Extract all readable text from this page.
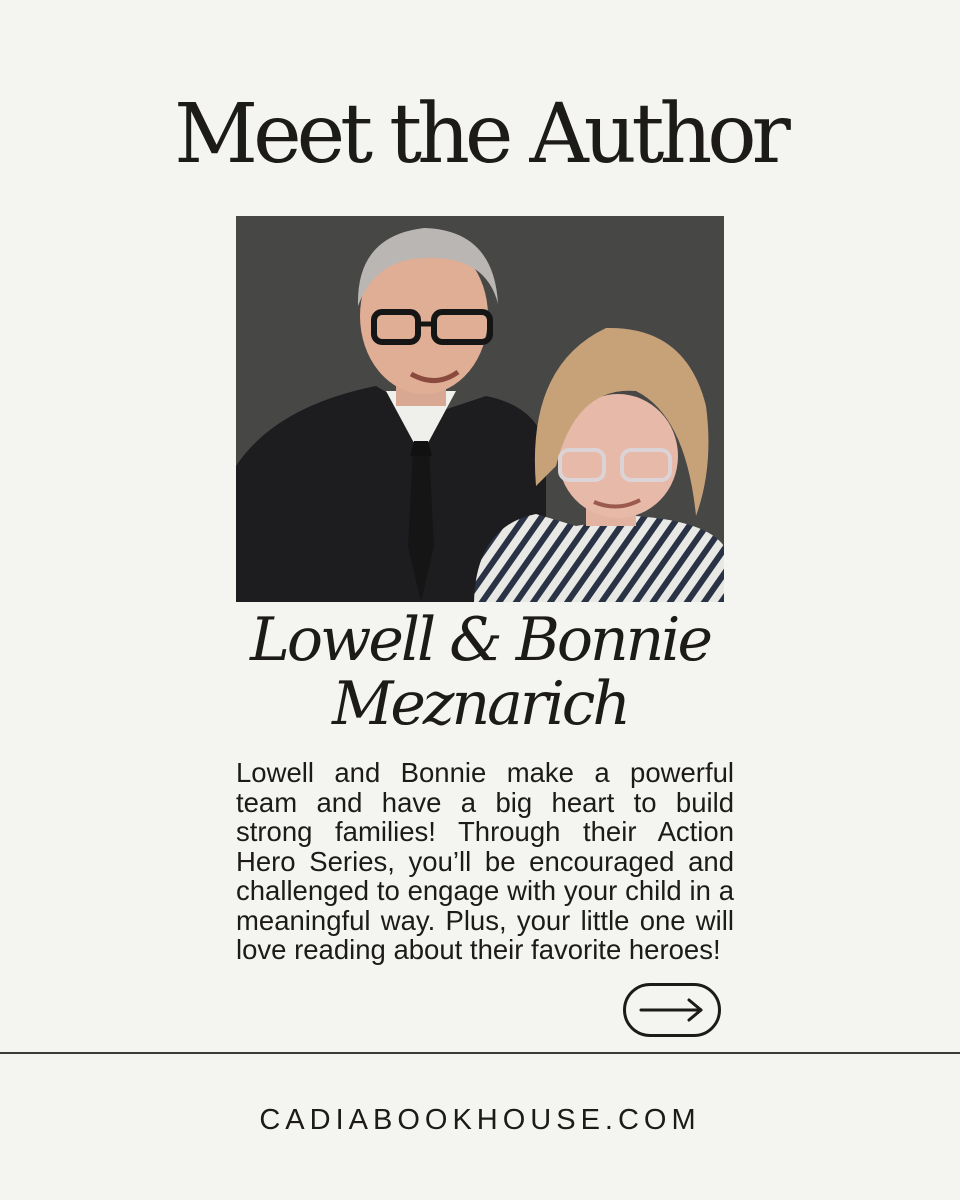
Meet the Author
Lowell & Bonnie
Meznarich

Lowell and Bonnie make a powerful team and have a big heart to build strong families! Through their Action Hero Series, you’ll be encouraged and challenged to engage with your child in a meaningful way. Plus, your little one will love reading about their favorite heroes!

CADIABOOKHOUSE.COM
